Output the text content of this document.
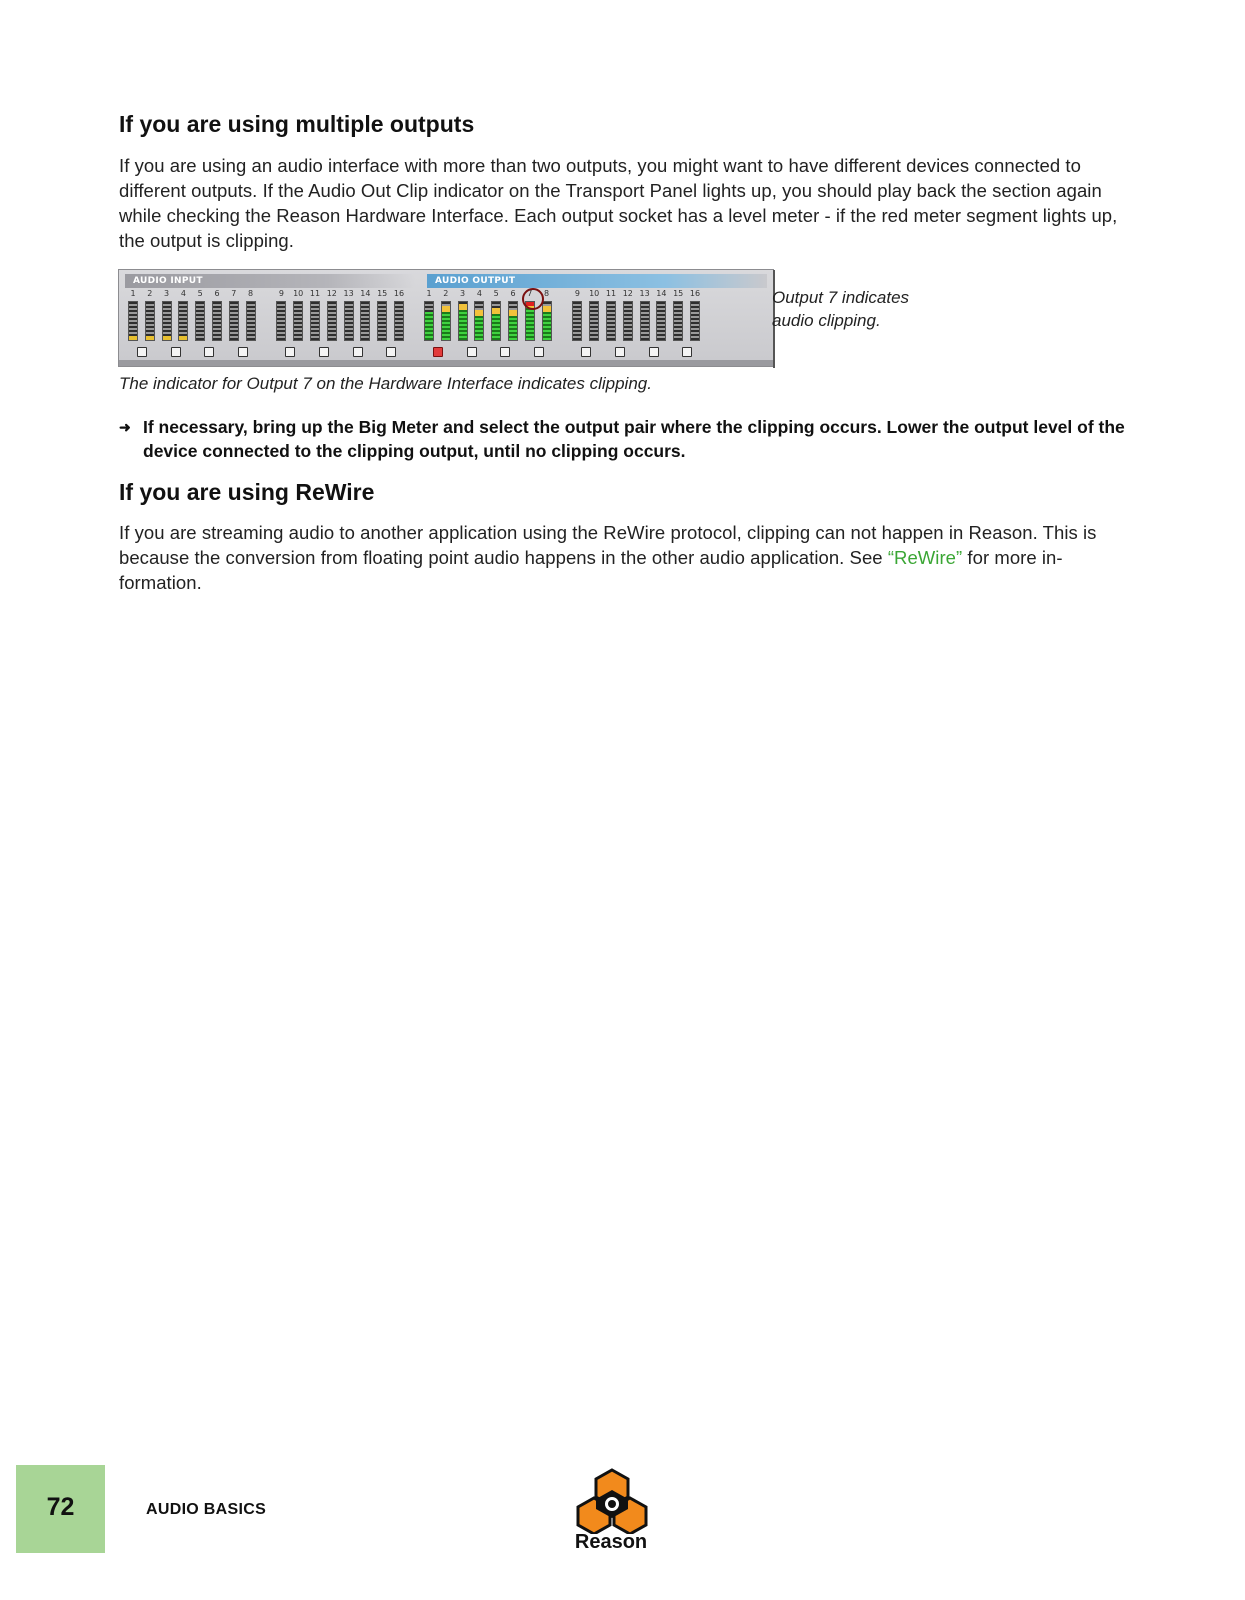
If you are using multiple outputs

If you are using an audio interface with more than two outputs, you might want to have different devices connected to different outputs. If the Audio Out Clip indicator on the Transport Panel lights up, you should play back the section again while checking the Reason Hardware Interface. Each output socket has a level meter - if the red meter segment lights up, the output is clipping.

AUDIO INPUT	AUDIO OUTPUT
1	2	3	4	5	6	7	8	9	10 11 12 13 14 15 16	1	2	3	4	5	6	7	8	9	10 11 12 13 14 15 16	Output 7 indicates
audio clipping.

The indicator for Output 7 on the Hardware Interface indicates clipping.

➜ If necessary, bring up the Big Meter and select the output pair where the clipping occurs. Lower the output level of the device connected to the clipping output, until no clipping occurs.
If you are using ReWire

If you are streaming audio to another application using the ReWire protocol, clipping can not happen in Reason. This is because the conversion from floating point audio happens in the other audio application. See “ReWire” for more information.

72	AUDIO BASICS

Reason
